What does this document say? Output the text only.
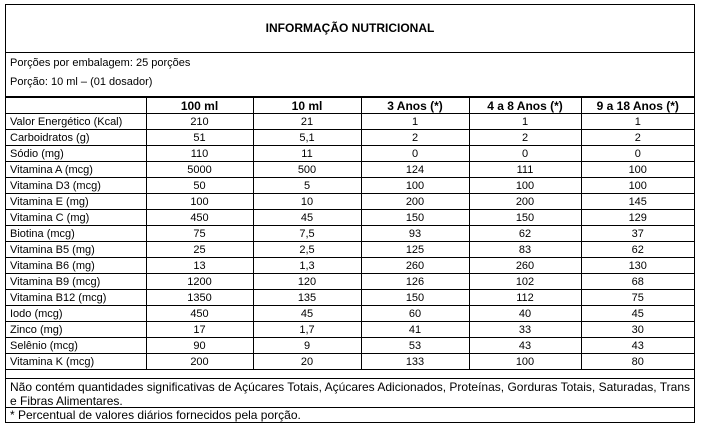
INFORMAÇÃO NUTRICIONAL
Porções por embalagem: 25 porções
Porção: 10 ml – (01 dosador)
	100 ml	10 ml	3 Anos (*)	4 a 8 Anos (*)	9 a 18 Anos (*)
Valor Energético (Kcal)	210	21	1	1	1
Carboidratos (g)	51	5,1	2	2	2
Sódio (mg)	110	11	0	0	0
Vitamina A (mcg)	5000	500	124	111	100
Vitamina D3 (mcg)	50	5	100	100	100
Vitamina E (mg)	100	10	200	200	145
Vitamina C (mg)	450	45	150	150	129
Biotina (mcg)	75	7,5	93	62	37
Vitamina B5 (mg)	25	2,5	125	83	62
Vitamina B6 (mg)	13	1,3	260	260	130
Vitamina B9 (mcg)	1200	120	126	102	68
Vitamina B12 (mcg)	1350	135	150	112	75
Iodo (mcg)	450	45	60	40	45
Zinco (mg)	17	1,7	41	33	30
Selênio (mcg)	90	9	53	43	43
Vitamina K (mcg)	200	20	133	100	80
Não contém quantidades significativas de Açúcares Totais, Açúcares Adicionados, Proteínas, Gorduras Totais, Saturadas, Trans e Fibras Alimentares.
* Percentual de valores diários fornecidos pela porção.
